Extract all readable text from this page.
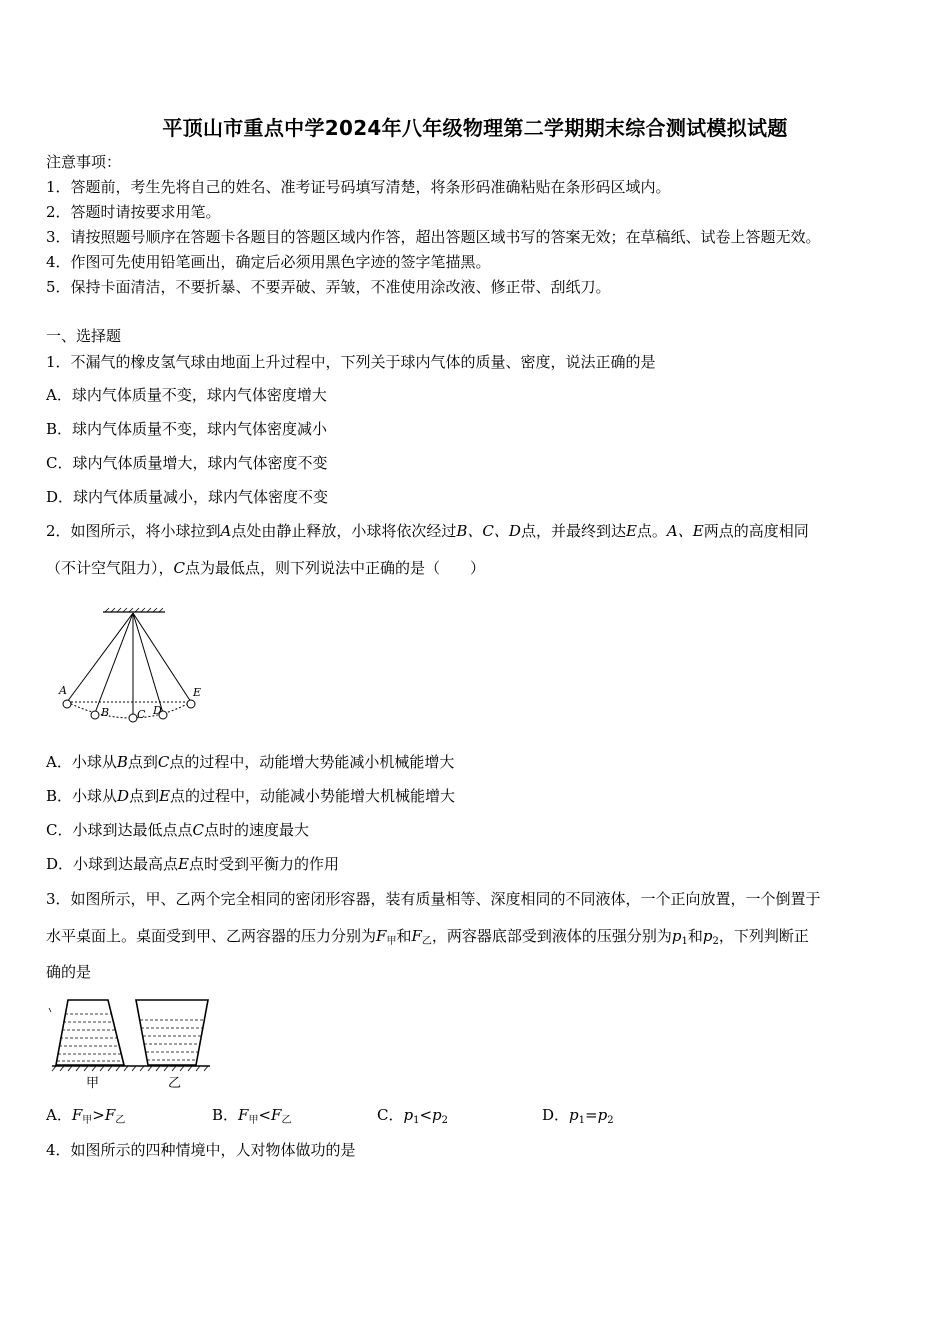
平顶山市重点中学2024年八年级物理第二学期期末综合测试模拟试题
注意事项：
1．答题前，考生先将自己的姓名、准考证号码填写清楚，将条形码准确粘贴在条形码区域内。
2．答题时请按要求用笔。
3．请按照题号顺序在答题卡各题目的答题区域内作答，超出答题区域书写的答案无效；在草稿纸、试卷上答题无效。
4．作图可先使用铅笔画出，确定后必须用黑色字迹的签字笔描黑。
5．保持卡面清洁，不要折暴、不要弄破、弄皱，不准使用涂改液、修正带、刮纸刀。
一、选择题
1．不漏气的橡皮氢气球由地面上升过程中，下列关于球内气体的质量、密度，说法正确的是
A．球内气体质量不变，球内气体密度增大
B．球内气体质量不变，球内气体密度减小
C．球内气体质量增大，球内气体密度不变
D．球内气体质量减小，球内气体密度不变
2．如图所示，将小球拉到A点处由静止释放，小球将依次经过B、C、D点，并最终到达E点。A、E两点的高度相同
（不计空气阻力），C点为最低点，则下列说法中正确的是（　　）
A
B	C D
E
A．小球从B点到C点的过程中，动能增大势能减小机械能增大
B．小球从D点到E点的过程中，动能减小势能增大机械能增大
C．小球到达最低点点C点时的速度最大
D．小球到达最高点E点时受到平衡力的作用
3．如图所示，甲、乙两个完全相同的密闭形容器，装有质量相等、深度相同的不同液体，一个正向放置，一个倒置于
水平桌面上。桌面受到甲、乙两容器的压力分别为$F_甲$和$F_乙$，两容器底部受到液体的压强分别为$p_1$和$p_2$，下列判断正
确的是
甲	乙
A．$F_甲>F_乙$	B．$F_甲<F_乙$	C．$p_1<p_2$	D．$p_1=p_2$
4．如图所示的四种情境中，人对物体做功的是
